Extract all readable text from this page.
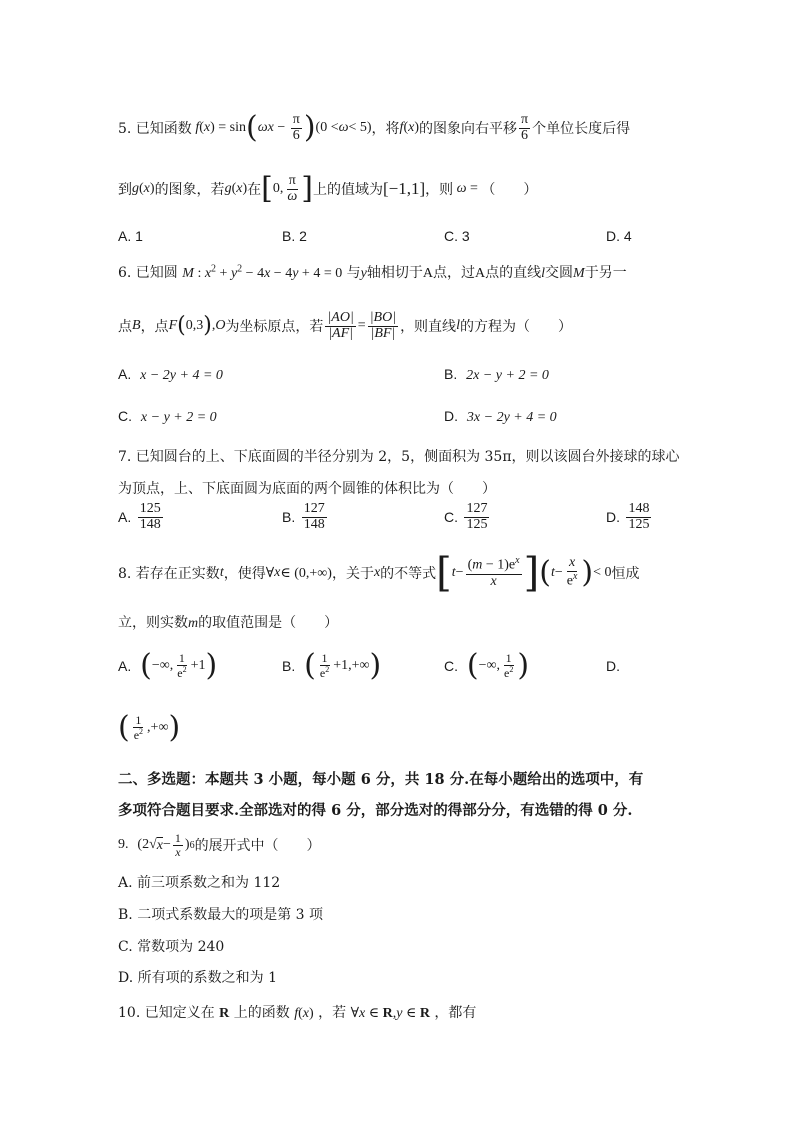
5. 已知函数 f ( x ) = sin ( $\omega x - \frac{\pi}{6}$ ) (0 < ω < 5) ，将 f ( x ) 的图象向右平移 $\frac{\pi}{6}$ 个单位长度后得
到 g ( x ) 的图象，若 g ( x ) 在 [ 0, $\frac{\pi}{\omega}$ ] 上的值域为 [−1,1] ，则 ω = （　　）
A. 1	B. 2	C. 3	D. 4
6. 已知圆 M : $x^2 + y^2 - 4x - 4y + 4 = 0$ 与y轴相切于A点，过A点的直线l交圆M于另一
点 B ，点 F ( 0,3 ) , O 为坐标原点，若 $\frac{|AO|}{|AF|} = \frac{|BO|}{|BF|}$ ，则直线 l 的方程为（　　）
A. x − 2y + 4 = 0	B. 2x − y + 2 = 0
C. x − y + 2 = 0	D. 3x − 2y + 4 = 0
7. 已知圆台的上、下底面圆的半径分别为 2，5，侧面积为 35π，则以该圆台外接球的球心
为顶点，上、下底面圆为底面的两个圆锥的体积比为（　　）
A.
$\frac{125}{148}$	B.
$\frac{127}{148}$	C.
$\frac{127}{125}$	D.
$\frac{148}{125}$
8. 若存在正实数 t ，使得 ∀ x ∈ (0,+∞) ，关于 x 的不等式 [ $t - \frac{(m - 1)e^x}{x}$ ] ( $t - \frac{x}{e^x}$ ) < 0 恒成
立，则实数m的取值范围是（　　）
A.
( −∞, $\frac{1}{e^2} +1$ )	B.
( $\frac{1}{e^2} +1,+\infty$ )	C.
( −∞, $\frac{1}{e^2}$ )	D.
( $\frac{1}{e^2}$ ,+∞ )
二、多选题：本题共 3 小题，每小题 6 分，共 18 分.在每小题给出的选项中，有
多项符合题目要求.全部选对的得 6 分，部分选对的得部分分，有选错的得 0 分.
9.
(2√ $x - \frac{1}{x}$ ) 6 的展开式中（　　）
A. 前三项系数之和为 112
B. 二项式系数最大的项是第 3 项
C. 常数项为 240
D. 所有项的系数之和为 1
10. 已知定义在 R 上的函数 f(x) ，若 ∀x ∈ R,y ∈ R ，都有
